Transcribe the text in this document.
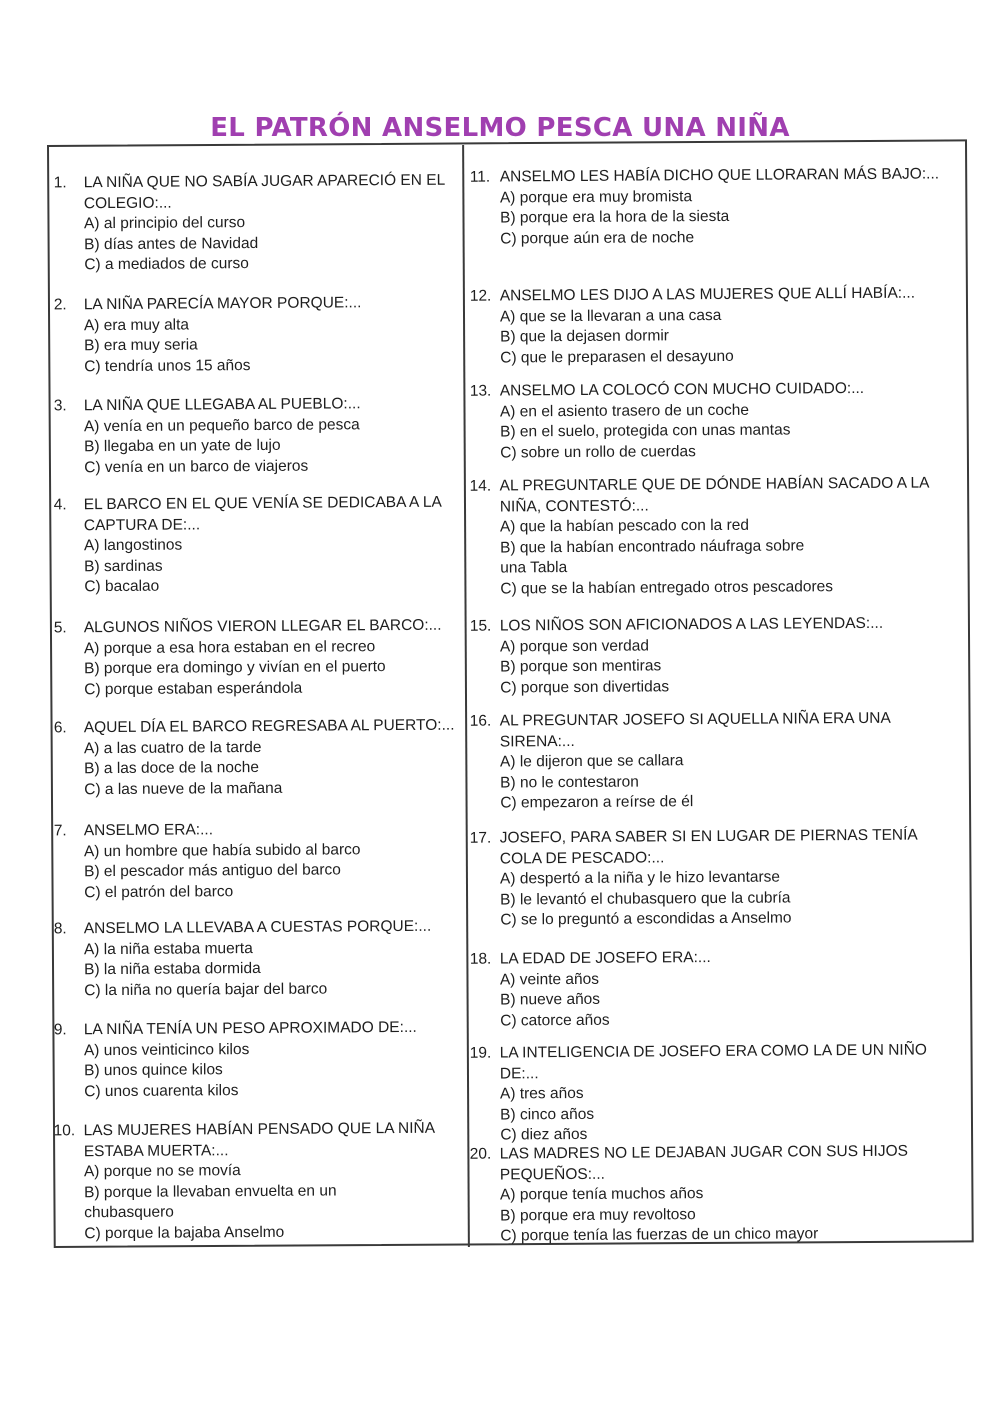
EL PATRÓN ANSELMO PESCA UNA NIÑA
1.	LA NIÑA QUE NO SABÍA JUGAR APARECIÓ EN EL COLEGIO:...
A) al principio del curso
B) días antes de Navidad
C) a mediados de curso
2.	LA NIÑA PARECÍA MAYOR PORQUE:...
A) era muy alta
B) era muy seria
C) tendría unos 15 años
3.	LA NIÑA QUE LLEGABA AL PUEBLO:...
A) venía en un pequeño barco de pesca
B) llegaba en un yate de lujo
C) venía en un barco de viajeros
4.	EL BARCO EN EL QUE VENÍA SE DEDICABA A LA CAPTURA DE:...
A) langostinos
B) sardinas
C) bacalao
5.	ALGUNOS NIÑOS VIERON LLEGAR EL BARCO:...
A) porque a esa hora estaban en el recreo
B) porque era domingo y vivían en el puerto
C) porque estaban esperándola
6.	AQUEL DÍA EL BARCO REGRESABA AL PUERTO:...
A) a las cuatro de la tarde
B) a las doce de la noche
C) a las nueve de la mañana
7.	ANSELMO ERA:...
A) un hombre que había subido al barco
B) el pescador más antiguo del barco
C) el patrón del barco
8.	ANSELMO LA LLEVABA A CUESTAS PORQUE:...
A) la niña estaba muerta
B) la niña estaba dormida
C) la niña no quería bajar del barco
9.	LA NIÑA TENÍA UN PESO APROXIMADO DE:...
A) unos veinticinco kilos
B) unos quince kilos
C) unos cuarenta kilos
10. LAS MUJERES HABÍAN PENSADO QUE LA NIÑA ESTABA MUERTA:...
A) porque no se movía
B) porque la llevaban envuelta en un chubasquero
C) porque la bajaba Anselmo
11. ANSELMO LES HABÍA DICHO QUE LLORARAN MÁS BAJO:...
A) porque era muy bromista
B) porque era la hora de la siesta
C) porque aún era de noche
12. ANSELMO LES DIJO A LAS MUJERES QUE ALLÍ HABÍA:...
A) que se la llevaran a una casa
B) que la dejasen dormir
C) que le preparasen el desayuno
13. ANSELMO LA COLOCÓ CON MUCHO CUIDADO:...
A) en el asiento trasero de un coche
B) en el suelo, protegida con unas mantas
C) sobre un rollo de cuerdas
14. AL PREGUNTARLE QUE DE DÓNDE HABÍAN SACADO A LA NIÑA, CONTESTÓ:...
A) que la habían pescado con la red
B) que la habían encontrado náufraga sobre una Tabla
C) que se la habían entregado otros pescadores
15. LOS NIÑOS SON AFICIONADOS A LAS LEYENDAS:...
A) porque son verdad
B) porque son mentiras
C) porque son divertidas
16. AL PREGUNTAR JOSEFO SI AQUELLA NIÑA ERA UNA SIRENA:...
A) le dijeron que se callara
B) no le contestaron
C) empezaron a reírse de él
17. JOSEFO, PARA SABER SI EN LUGAR DE PIERNAS TENÍA COLA DE PESCADO:...
A) despertó a la niña y le hizo levantarse
B) le levantó el chubasquero que la cubría
C) se lo preguntó a escondidas a Anselmo
18. LA EDAD DE JOSEFO ERA:...
A) veinte años
B) nueve años
C) catorce años
19. LA INTELIGENCIA DE JOSEFO ERA COMO LA DE UN NIÑO DE:...
A) tres años
B) cinco años
C) diez años
20. LAS MADRES NO LE DEJABAN JUGAR CON SUS HIJOS PEQUEÑOS:...
A) porque tenía muchos años
B) porque era muy revoltoso
C) porque tenía las fuerzas de un chico mayor
